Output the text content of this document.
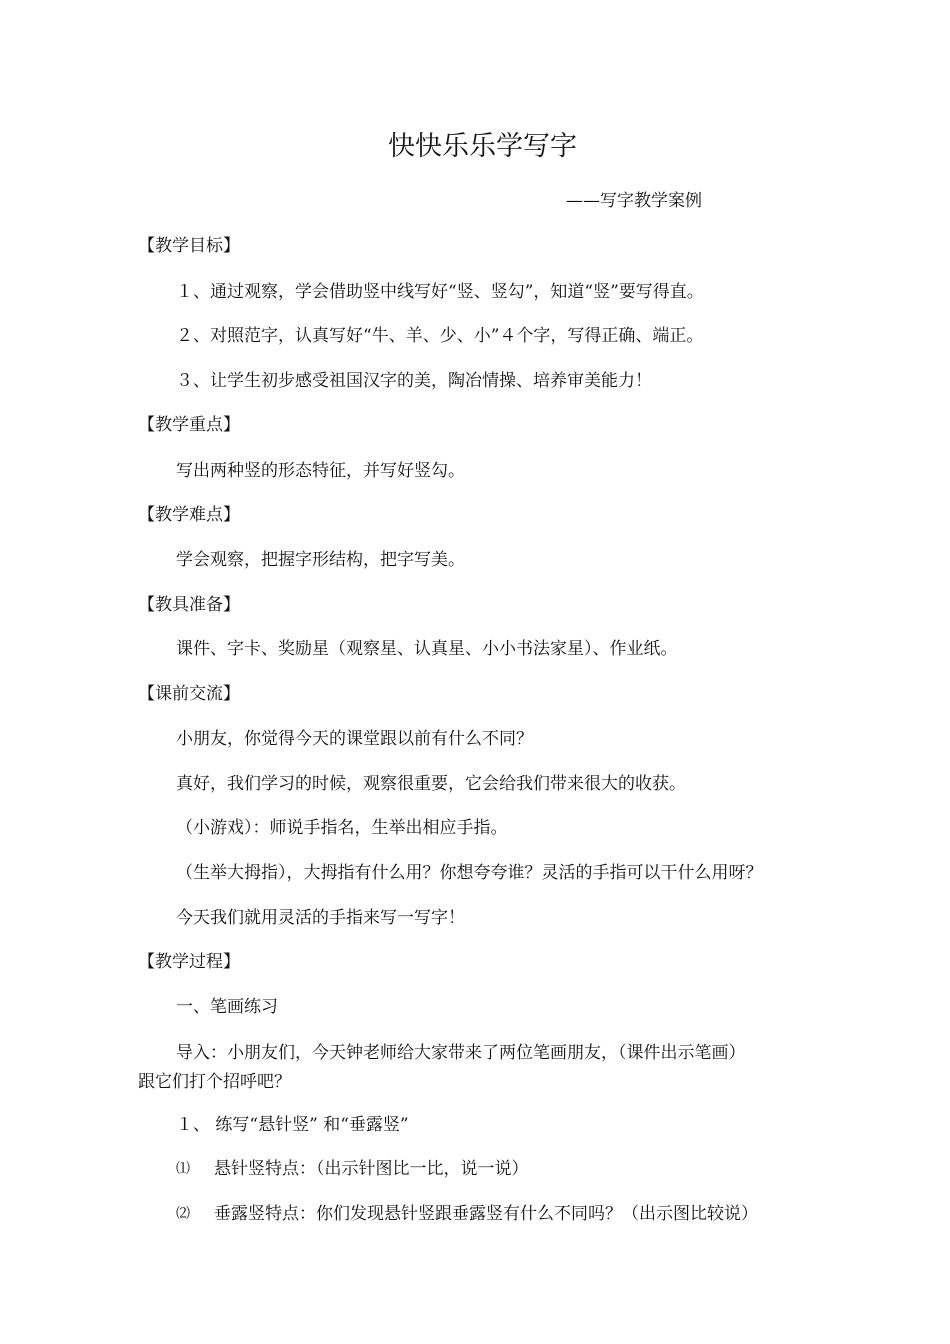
快快乐乐学写字
——写字教学案例
【教学目标】
１、通过观察，学会借助竖中线写好“竖、竖勾”，知道“竖”要写得直。
２、对照范字，认真写好“牛、羊、少、小”４个字，写得正确、端正。
３、让学生初步感受祖国汉字的美，陶冶情操、培养审美能力！
【教学重点】
写出两种竖的形态特征，并写好竖勾。
【教学难点】
学会观察，把握字形结构，把字写美。
【教具准备】
课件、字卡、奖励星（观察星、认真星、小小书法家星）、作业纸。
【课前交流】
小朋友，你觉得今天的课堂跟以前有什么不同？
真好，我们学习的时候，观察很重要，它会给我们带来很大的收获。
（小游戏）：师说手指名，生举出相应手指。
（生举大拇指），大拇指有什么用？你想夸夸谁？灵活的手指可以干什么用呀？
今天我们就用灵活的手指来写一写字！
【教学过程】
一、笔画练习
导入：小朋友们，今天钟老师给大家带来了两位笔画朋友，（课件出示笔画）
跟它们打个招呼吧？
１、 练写“悬针竖” 和“垂露竖”
⑴ 悬针竖特点：（出示针图比一比，说一说）
⑵ 垂露竖特点：你们发现悬针竖跟垂露竖有什么不同吗？（出示图比较说）
